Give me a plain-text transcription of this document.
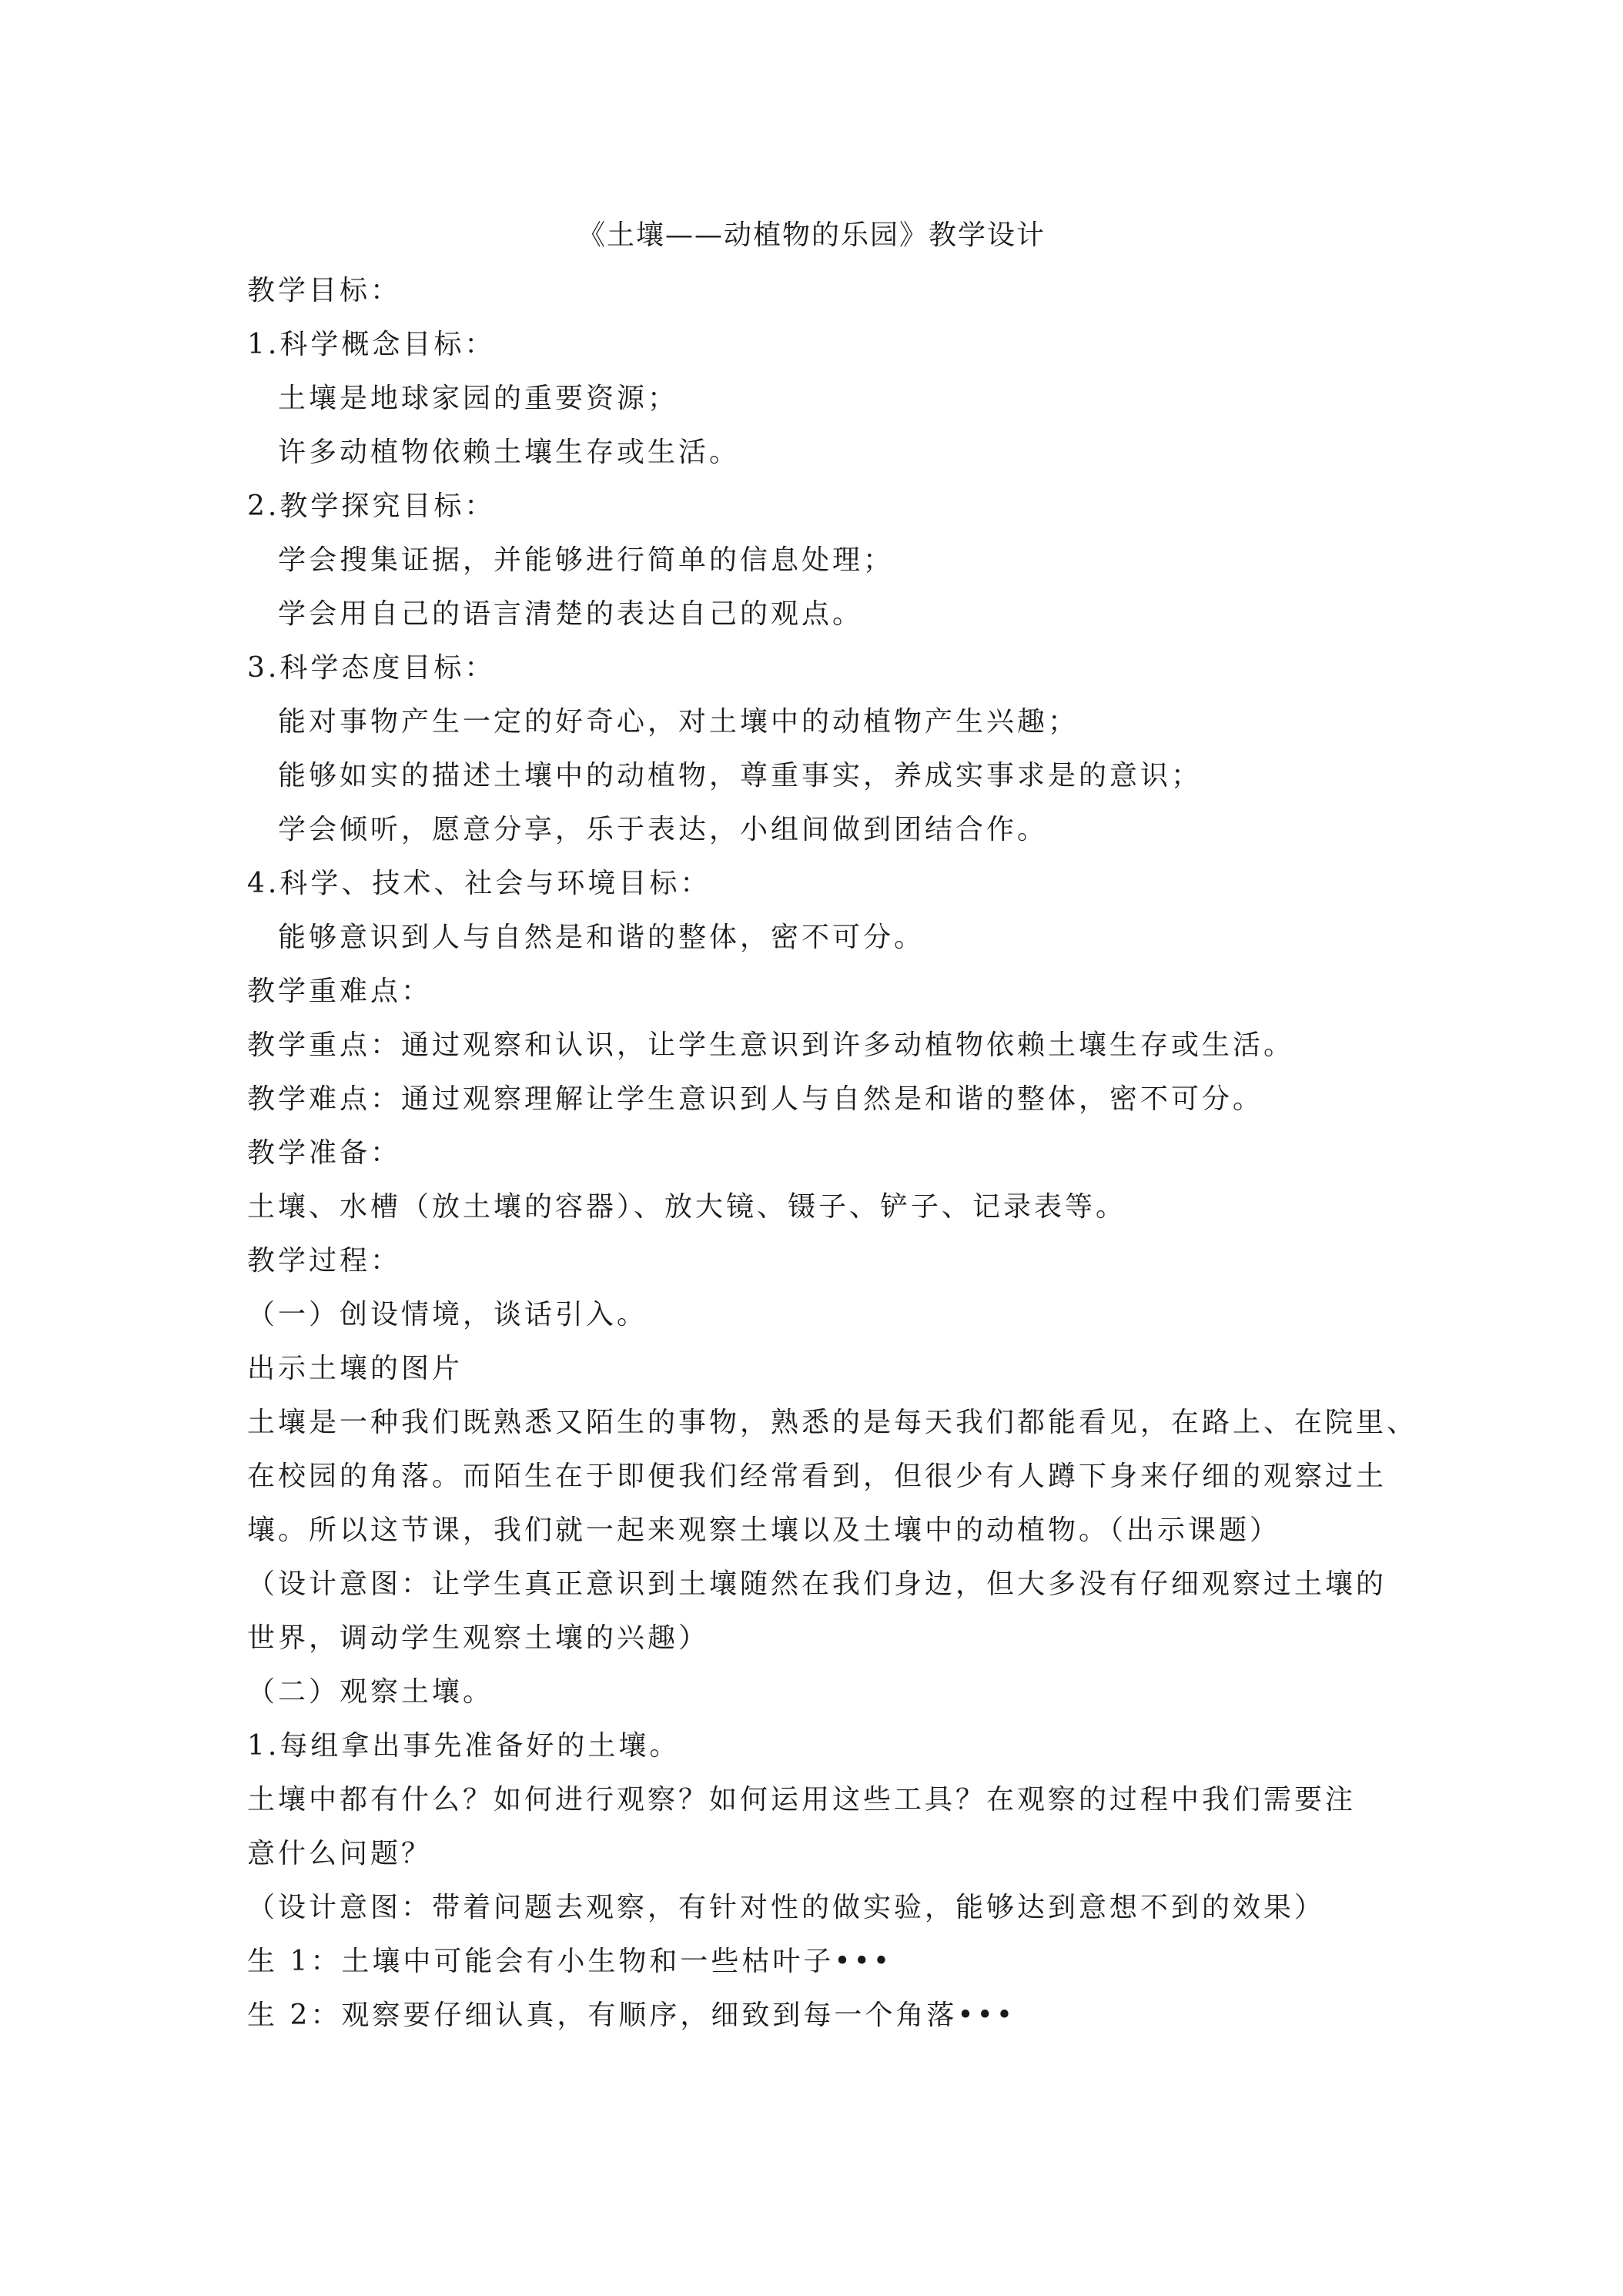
《土壤——动植物的乐园》教学设计
教学目标：
1.科学概念目标：
土壤是地球家园的重要资源；
许多动植物依赖土壤生存或生活。
2.教学探究目标：
学会搜集证据，并能够进行简单的信息处理；
学会用自己的语言清楚的表达自己的观点。
3.科学态度目标：
能对事物产生一定的好奇心，对土壤中的动植物产生兴趣；
能够如实的描述土壤中的动植物，尊重事实，养成实事求是的意识；
学会倾听，愿意分享，乐于表达，小组间做到团结合作。
4.科学、技术、社会与环境目标：
能够意识到人与自然是和谐的整体，密不可分。
教学重难点：
教学重点：通过观察和认识，让学生意识到许多动植物依赖土壤生存或生活。
教学难点：通过观察理解让学生意识到人与自然是和谐的整体，密不可分。
教学准备：
土壤、水槽（放土壤的容器）、放大镜、镊子、铲子、记录表等。
教学过程：
（一）创设情境，谈话引入。
出示土壤的图片
土壤是一种我们既熟悉又陌生的事物，熟悉的是每天我们都能看见，在路上、在院里、
在校园的角落。而陌生在于即便我们经常看到，但很少有人蹲下身来仔细的观察过土
壤。所以这节课，我们就一起来观察土壤以及土壤中的动植物。（出示课题）
（设计意图：让学生真正意识到土壤随然在我们身边，但大多没有仔细观察过土壤的
世界，调动学生观察土壤的兴趣）
（二）观察土壤。
1.每组拿出事先准备好的土壤。
土壤中都有什么？如何进行观察？如何运用这些工具？在观察的过程中我们需要注
意什么问题？
（设计意图：带着问题去观察，有针对性的做实验，能够达到意想不到的效果）
生 1：土壤中可能会有小生物和一些枯叶子•••
生 2：观察要仔细认真，有顺序，细致到每一个角落•••
